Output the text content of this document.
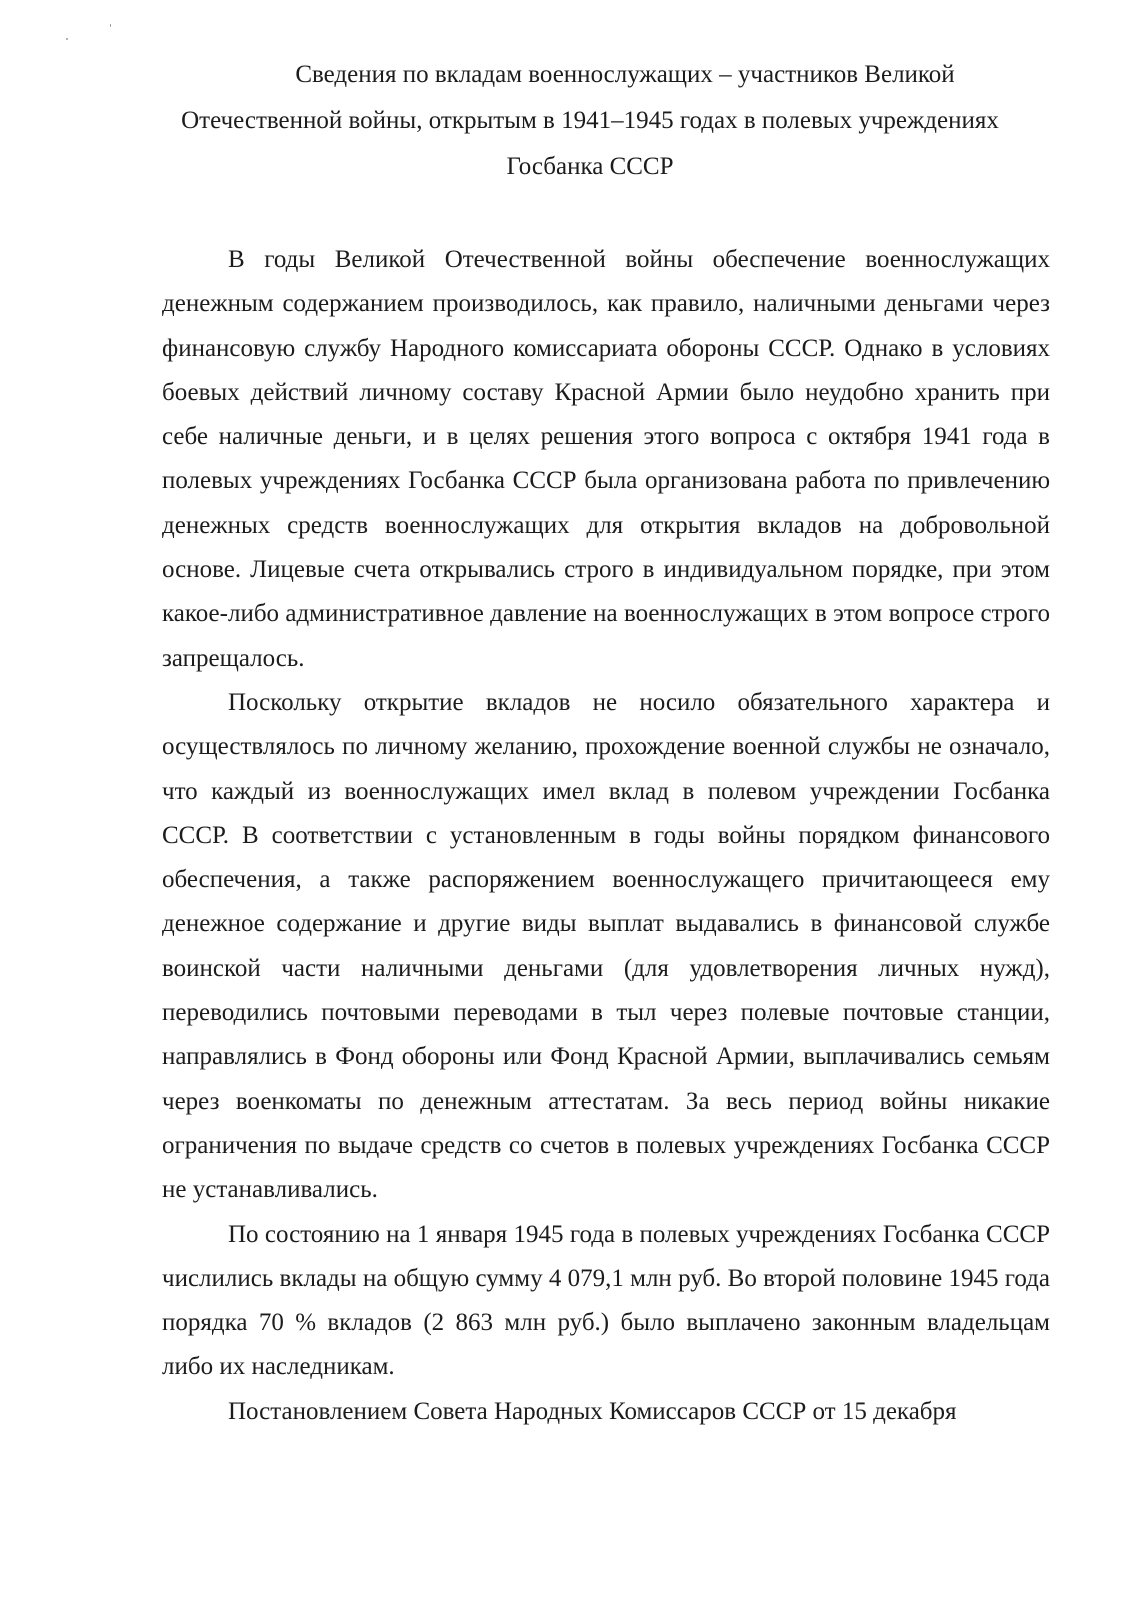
Сведения по вкладам военнослужащих – участников Великой
Отечественной войны, открытым в 1941–1945 годах в полевых учреждениях
Госбанка СССР

В годы Великой Отечественной войны обеспечение военнослужащих денежным содержанием производилось, как правило, наличными деньгами через финансовую службу Народного комиссариата обороны СССР. Однако в условиях боевых действий личному составу Красной Армии было неудобно хранить при себе наличные деньги, и в целях решения этого вопроса с октября 1941 года в полевых учреждениях Госбанка СССР была организована работа по привлечению денежных средств военнослужащих для открытия вкладов на добровольной основе. Лицевые счета открывались строго в индивидуальном порядке, при этом какое-либо административное давление на военнослужащих в этом вопросе строго запрещалось.

Поскольку открытие вкладов не носило обязательного характера и осуществлялось по личному желанию, прохождение военной службы не означало, что каждый из военнослужащих имел вклад в полевом учреждении Госбанка СССР. В соответствии с установленным в годы войны порядком финансового обеспечения, а также распоряжением военнослужащего причитающееся ему денежное содержание и другие виды выплат выдавались в финансовой службе воинской части наличными деньгами (для удовлетворения личных нужд), переводились почтовыми переводами в тыл через полевые почтовые станции, направлялись в Фонд обороны или Фонд Красной Армии, выплачивались семьям через военкоматы по денежным аттестатам. За весь период войны никакие ограничения по выдаче средств со счетов в полевых учреждениях Госбанка СССР не устанавливались.

По состоянию на 1 января 1945 года в полевых учреждениях Госбанка СССР числились вклады на общую сумму 4 079,1 млн руб. Во второй половине 1945 года порядка 70 % вкладов (2 863 млн руб.) было выплачено законным владельцам либо их наследникам.

Постановлением Совета Народных Комиссаров СССР от 15 декабря
